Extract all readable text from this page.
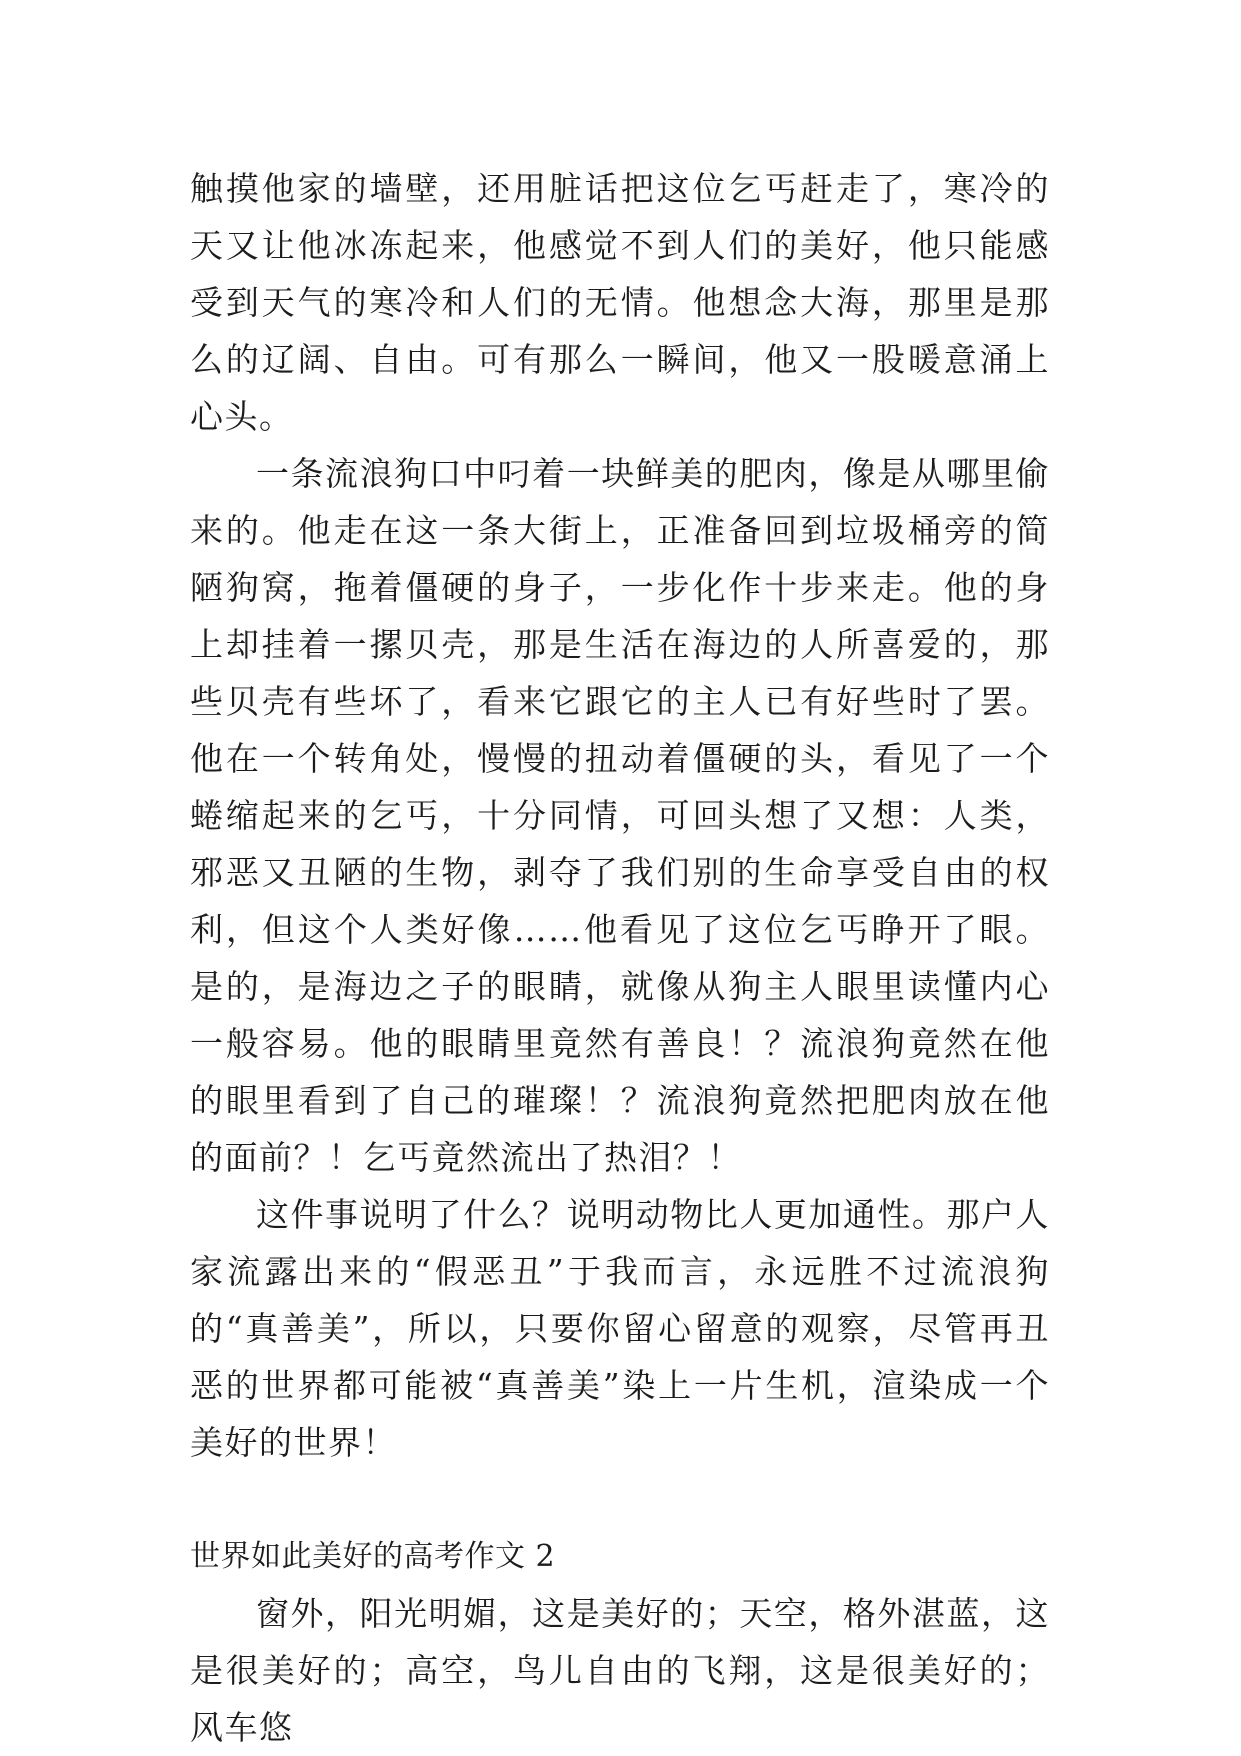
触摸他家的墙壁，还用脏话把这位乞丐赶走了，寒冷的天又让他冰冻起来，他感觉不到人们的美好，他只能感受到天气的寒冷和人们的无情。他想念大海，那里是那么的辽阔、自由。可有那么一瞬间，他又一股暖意涌上心头。

一条流浪狗口中叼着一块鲜美的肥肉，像是从哪里偷来的。他走在这一条大街上，正准备回到垃圾桶旁的简陋狗窝，拖着僵硬的身子，一步化作十步来走。他的身上却挂着一摞贝壳，那是生活在海边的人所喜爱的，那些贝壳有些坏了，看来它跟它的主人已有好些时了罢。他在一个转角处，慢慢的扭动着僵硬的头，看见了一个蜷缩起来的乞丐，十分同情，可回头想了又想：人类，邪恶又丑陋的生物，剥夺了我们别的生命享受自由的权利，但这个人类好像……他看见了这位乞丐睁开了眼。是的，是海边之子的眼睛，就像从狗主人眼里读懂内心一般容易。他的眼睛里竟然有善良！？流浪狗竟然在他的眼里看到了自己的璀璨！？流浪狗竟然把肥肉放在他的面前？！乞丐竟然流出了热泪？！

这件事说明了什么？说明动物比人更加通性。那户人家流露出来的“假恶丑”于我而言，永远胜不过流浪狗的“真善美”，所以，只要你留心留意的观察，尽管再丑恶的世界都可能被“真善美”染上一片生机，渲染成一个美好的世界！

世界如此美好的高考作文 2

窗外，阳光明媚，这是美好的；天空，格外湛蓝，这是很美好的；高空，鸟儿自由的飞翔，这是很美好的；风车悠
